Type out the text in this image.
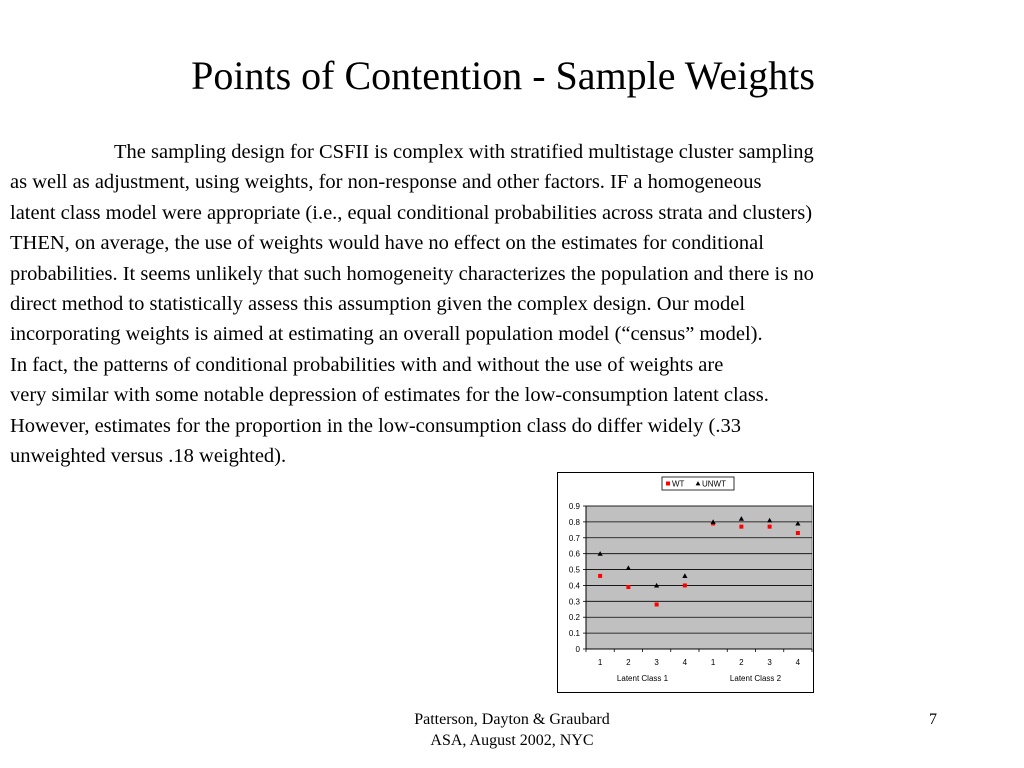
Points of Contention - Sample Weights
The sampling design for CSFII is complex with stratified multistage cluster sampling
as well as adjustment, using weights, for non-response and other factors. IF a homogeneous
latent class model were appropriate (i.e., equal conditional probabilities across strata and clusters)
THEN, on average, the use of weights would have no effect on the estimates for conditional
probabilities. It seems unlikely that such homogeneity characterizes the population and there is no
direct method to statistically assess this assumption given the complex design. Our model
incorporating weights is aimed at estimating an overall population model (“census” model).
In fact, the patterns of conditional probabilities with and without the use of weights are
very similar with some notable depression of estimates for the low-consumption latent class.
However, estimates for the proportion in the low-consumption class do differ widely (.33
unweighted versus .18 weighted).
0
0.1
0.2
0.3
0.4
0.5
0.6
0.7
0.8
0.9
1	2	3	4	1	2	3	4
Latent Class 1	Latent Class 2
WT UNWT
Patterson, Dayton & Graubard
ASA, August 2002, NYC
7
